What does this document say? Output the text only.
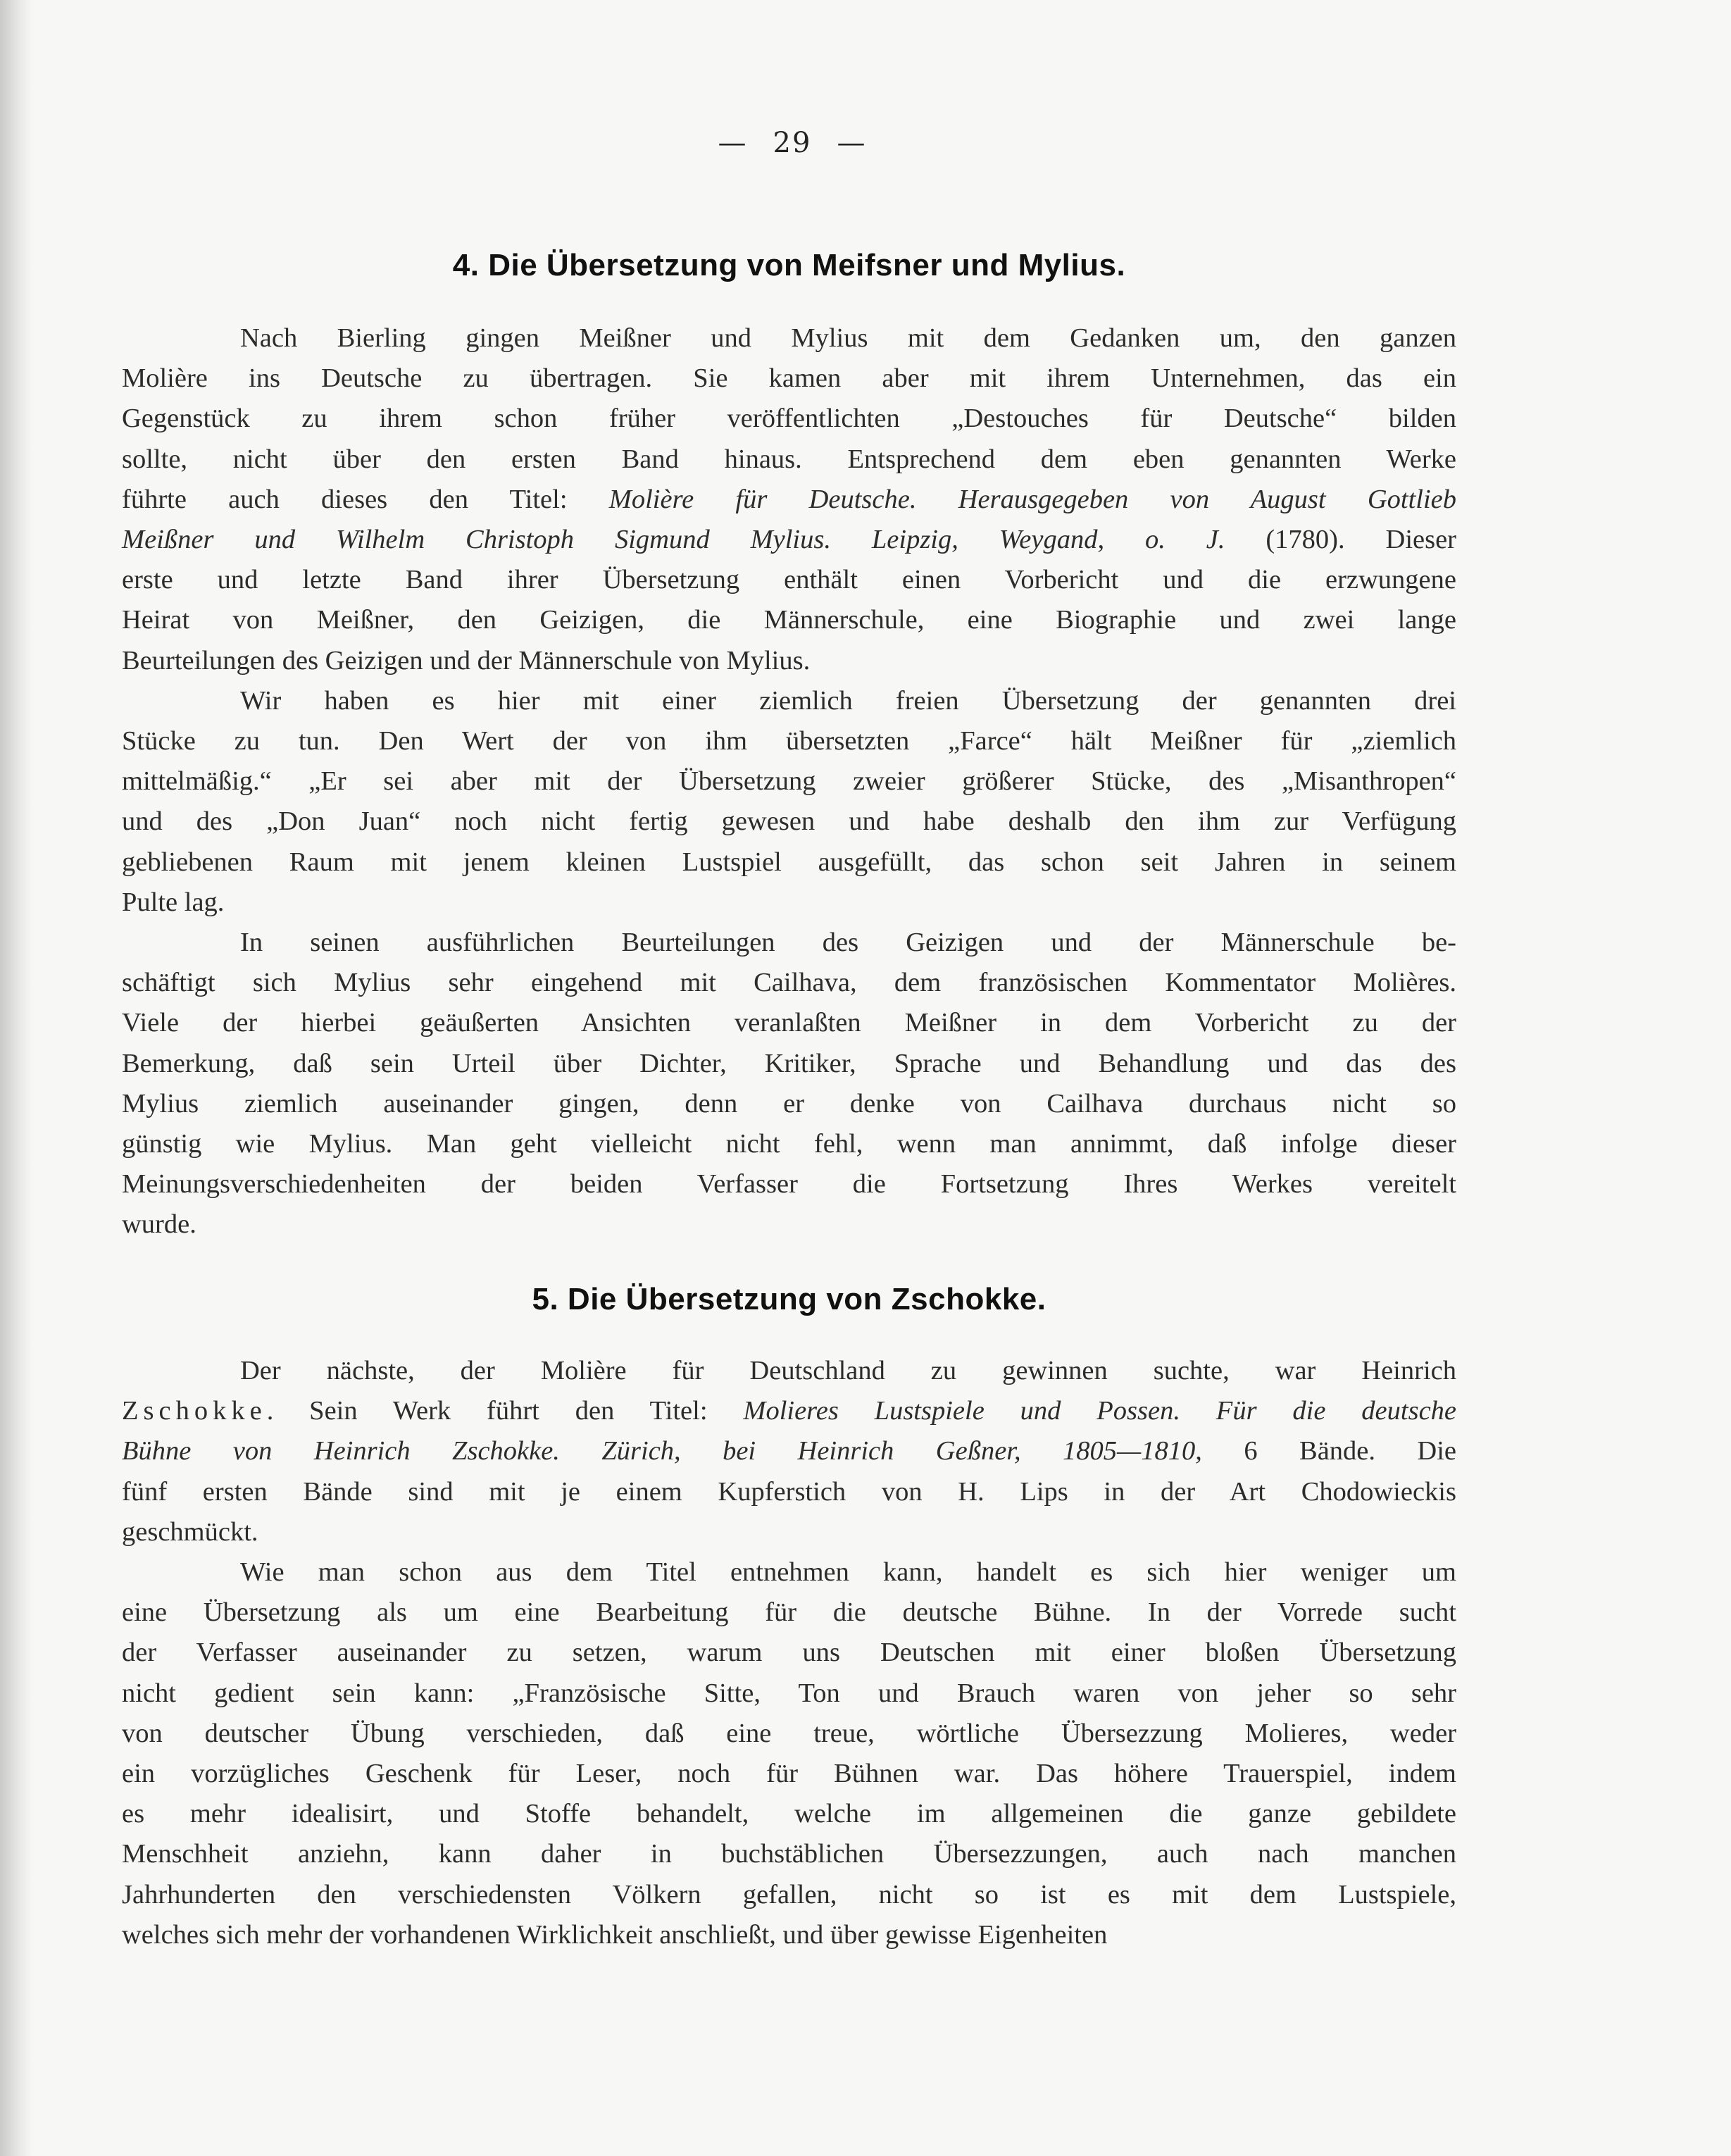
— 29 —
4. Die Übersetzung von Meifsner und Mylius.

Nach Bierling gingen Meißner und Mylius mit dem Gedanken um, den ganzen
Molière ins Deutsche zu übertragen. Sie kamen aber mit ihrem Unternehmen, das ein
Gegenstück zu ihrem schon früher veröffentlichten „Destouches für Deutsche“ bilden
sollte, nicht über den ersten Band hinaus. Entsprechend dem eben genannten Werke
führte auch dieses den Titel: Molière für Deutsche. Herausgegeben von August Gottlieb
Meißner und Wilhelm Christoph Sigmund Mylius. Leipzig, Weygand, o. J. (1780). Dieser
erste und letzte Band ihrer Übersetzung enthält einen Vorbericht und die erzwungene
Heirat von Meißner, den Geizigen, die Männerschule, eine Biographie und zwei lange
Beurteilungen des Geizigen und der Männerschule von Mylius.

Wir haben es hier mit einer ziemlich freien Übersetzung der genannten drei
Stücke zu tun. Den Wert der von ihm übersetzten „Farce“ hält Meißner für „ziemlich
mittelmäßig.“ „Er sei aber mit der Übersetzung zweier größerer Stücke, des „Misanthropen“
und des „Don Juan“ noch nicht fertig gewesen und habe deshalb den ihm zur Verfügung
gebliebenen Raum mit jenem kleinen Lustspiel ausgefüllt, das schon seit Jahren in seinem
Pulte lag.

In seinen ausführlichen Beurteilungen des Geizigen und der Männerschule be-
schäftigt sich Mylius sehr eingehend mit Cailhava, dem französischen Kommentator Molières.
Viele der hierbei geäußerten Ansichten veranlaßten Meißner in dem Vorbericht zu der
Bemerkung, daß sein Urteil über Dichter, Kritiker, Sprache und Behandlung und das des
Mylius ziemlich auseinander gingen, denn er denke von Cailhava durchaus nicht so
günstig wie Mylius. Man geht vielleicht nicht fehl, wenn man annimmt, daß infolge dieser
Meinungsverschiedenheiten der beiden Verfasser die Fortsetzung Ihres Werkes vereitelt
wurde.

5. Die Übersetzung von Zschokke.

Der nächste, der Molière für Deutschland zu gewinnen suchte, war Heinrich
Zschokke. Sein Werk führt den Titel: Molieres Lustspiele und Possen. Für die deutsche
Bühne von Heinrich Zschokke. Zürich, bei Heinrich Geßner, 1805—1810, 6 Bände. Die
fünf ersten Bände sind mit je einem Kupferstich von H. Lips in der Art Chodowieckis
geschmückt.

Wie man schon aus dem Titel entnehmen kann, handelt es sich hier weniger um
eine Übersetzung als um eine Bearbeitung für die deutsche Bühne. In der Vorrede sucht
der Verfasser auseinander zu setzen, warum uns Deutschen mit einer bloßen Übersetzung
nicht gedient sein kann: „Französische Sitte, Ton und Brauch waren von jeher so sehr
von deutscher Übung verschieden, daß eine treue, wörtliche Übersezzung Molieres, weder
ein vorzügliches Geschenk für Leser, noch für Bühnen war. Das höhere Trauerspiel, indem
es mehr idealisirt, und Stoffe behandelt, welche im allgemeinen die ganze gebildete
Menschheit anziehn, kann daher in buchstäblichen Übersezzungen, auch nach manchen
Jahrhunderten den verschiedensten Völkern gefallen, nicht so ist es mit dem Lustspiele,
welches sich mehr der vorhandenen Wirklichkeit anschließt, und über gewisse Eigenheiten
